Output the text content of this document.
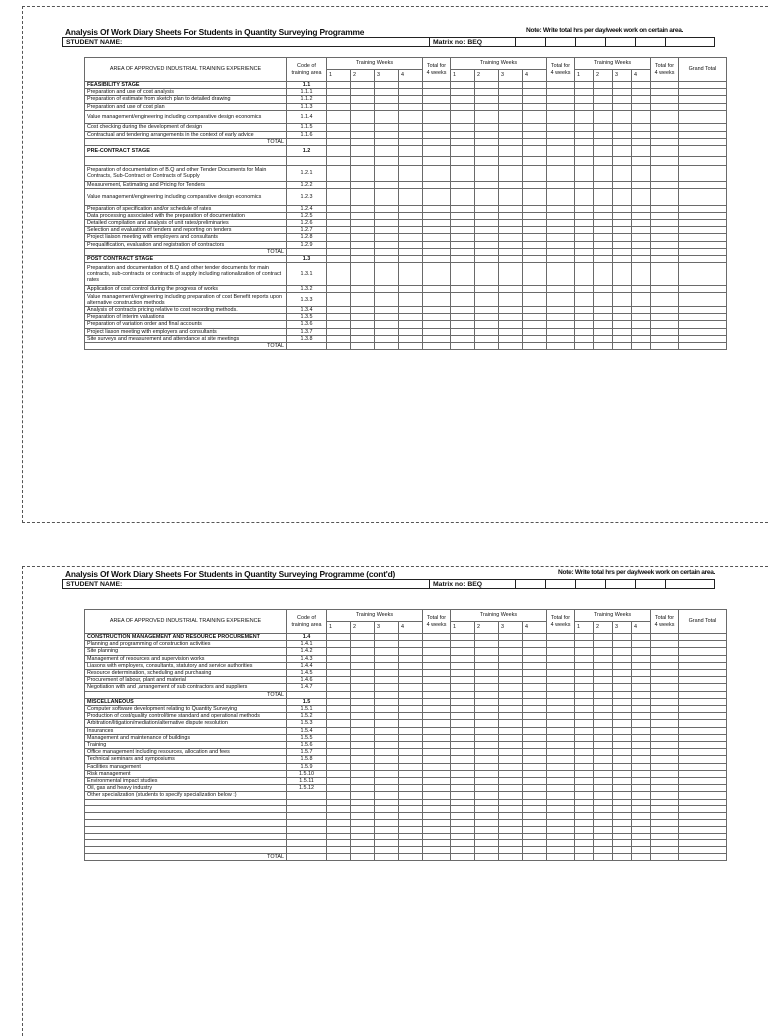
Analysis Of Work Diary Sheets For Students in Quantity Surveying Programme	Note: Write total hrs per day/week work on certain area.
STUDENT NAME:	Matrix no: BEQ
AREA OF APPROVED INDUSTRIAL TRAINING EXPERIENCE	Code of training area	Training Weeks				Total for 4 weeks	Training Weeks				Total for 4 weeks	Training Weeks				Total for 4 weeks	Grand Total
		1	2	3	4		1	2	3	4		1	2	3	4		
FEASIBILITY STAGE	1.1																
Preparation and use of cost analysis	1.1.1																
Preparation of estimate from sketch plan to detailed drawing	1.1.2																
Preparation and use of cost plan	1.1.3																
Value management/engineering including comparative design economics	1.1.4																
Cost checking during the development of design	1.1.5																
Contractual and tendering arrangements in the context of early advice	1.1.6																
TOTAL																	
PRE-CONTRACT STAGE	1.2																

Preparation of documentation of B.Q and other Tender Documents for Main Contracts, Sub-Contract or Contracts of Supply	1.2.1																
Measurement, Estimating and Pricing for Tenders	1.2.2																
Value management/engineering including comparative design economics	1.2.3																
Preparation of specification and/or schedule of rates	1.2.4																
Data processing associated with the preparation of documentation	1.2.5																
Detailed compilation and analysis of unit rates/preliminaries	1.2.6																
Selection and evaluation of tenders and reporting on tenders	1.2.7																
Project liaison meeting with employers and consultants	1.2.8																
Prequalification, evaluation and registration of contractors	1.2.9																
TOTAL																	
POST CONTRACT STAGE	1.3																
Preparation and documentation of B.Q and other tender documents for main contracts, sub-contracts or contracts of supply including rationalization of contract rates	1.3.1																
Application of cost control during the progress of works	1.3.2																
Value management/engineering including preparation of cost Benefit reports upon alternative construction methods	1.3.3																
Analysis of contracts pricing relative to cost recording methods.	1.3.4																
Preparation of interim valuations	1.3.5																
Preparation of variation order and final accounts	1.3.6																
Project liason meeting with employers and consultants	1.3.7																
Site surveys and measurement and attendance at site meetings	1.3.8																
TOTAL																	
Analysis Of Work Diary Sheets For Students in Quantity Surveying Programme (cont'd)	Note: Write total hrs per day/week work on certain area.
STUDENT NAME:	Matrix no: BEQ
AREA OF APPROVED INDUSTRIAL TRAINING EXPERIENCE	Code of training area	Training Weeks				Total for 4 weeks	Training Weeks				Total for 4 weeks	Training Weeks				Total for 4 weeks	Grand Total
		1	2	3	4		1	2	3	4		1	2	3	4		
CONSTRUCTION MANAGEMENT AND RESOURCE PROCUREMENT	1.4																
Planning and programming of construction activities	1.4.1																
Site planning	1.4.2																
Management of resources and supervision works	1.4.3																
Liasons with employers, consultants, statutory and service authorities	1.4.4																
Resource determination, scheduling and purchasing	1.4.5																
Procurement of labour, plant and material	1.4.6																
Negotiation with and ,arrangement of sub contractors and suppliers	1.4.7																
TOTAL																	
MISCELLANEOUS	1.5																
Computer software development relating to Quantity Surveying	1.5.1																
Production of cost/quality control/time standard and operational methods	1.5.2																
Arbitration/litigation/mediation/alternative dispute resolution	1.5.3																
Insurances	1.5.4																
Management and maintenance of buildings	1.5.5																
Training	1.5.6																
Office management including resources, allocation and fees	1.5.7																
Technical seminars and symposiums	1.5.8																
Facilities management	1.5.9																
Risk management	1.5.10																
Environmental impact studies	1.5.11																
Oil, gas and heavy industry	1.5.12																
Other specialization (students to specify specialization below :)																	

TOTAL																	
